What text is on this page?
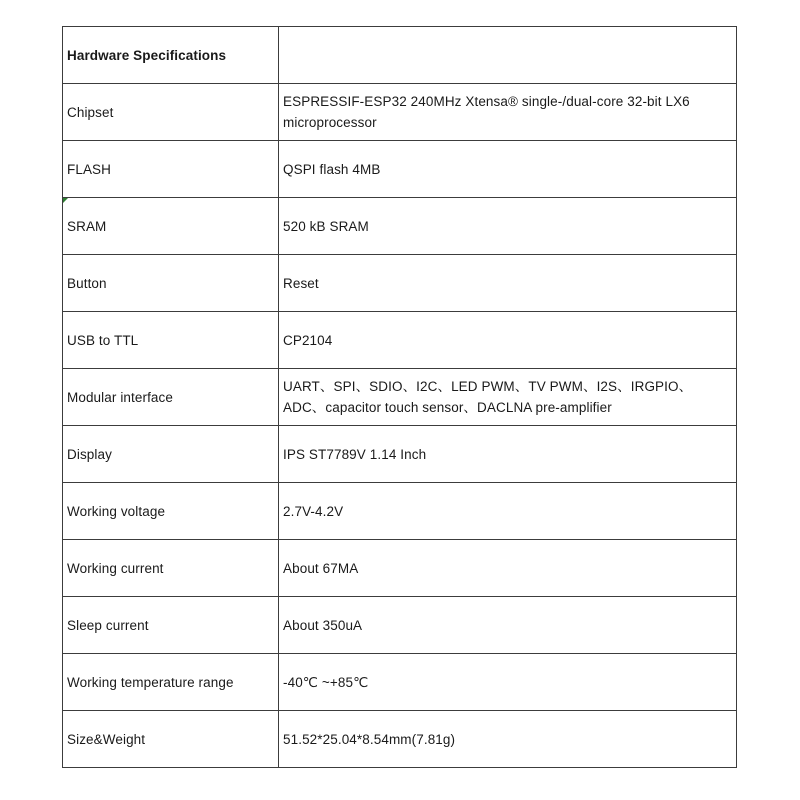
Hardware Specifications	
Chipset	ESPRESSIF-ESP32 240MHz Xtensa® single-/dual-core 32-bit LX6 microprocessor
FLASH	QSPI flash 4MB
SRAM	520 kB SRAM
Button	Reset
USB to TTL	CP2104
Modular interface	UART、SPI、SDIO、I2C、LED PWM、TV PWM、I2S、IRGPIO、ADC、capacitor touch sensor、DACLNA pre-amplifier
Display	IPS ST7789V 1.14 Inch
Working voltage	2.7V-4.2V
Working current	About 67MA
Sleep current	About 350uA
Working temperature range	-40℃ ~+85℃
Size&Weight	51.52*25.04*8.54mm(7.81g)
